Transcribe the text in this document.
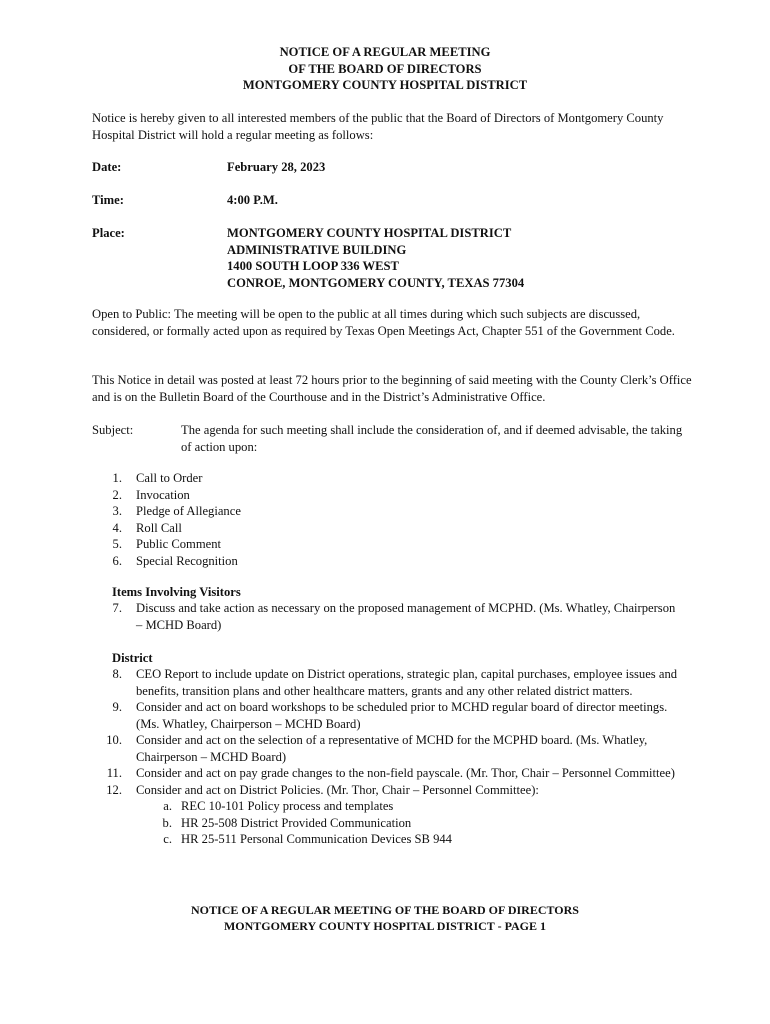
NOTICE OF A REGULAR MEETING
OF THE BOARD OF DIRECTORS
MONTGOMERY COUNTY HOSPITAL DISTRICT
Notice is hereby given to all interested members of the public that the Board of Directors of Montgomery County Hospital District will hold a regular meeting as follows:
Date:	February 28, 2023
Time:	4:00 P.M.
Place:	MONTGOMERY COUNTY HOSPITAL DISTRICT
ADMINISTRATIVE BUILDING
1400 SOUTH LOOP 336 WEST
CONROE, MONTGOMERY COUNTY, TEXAS 77304
Open to Public: The meeting will be open to the public at all times during which such subjects are discussed, considered, or formally acted upon as required by Texas Open Meetings Act, Chapter 551 of the Government Code.
This Notice in detail was posted at least 72 hours prior to the beginning of said meeting with the County Clerk’s Office and is on the Bulletin Board of the Courthouse and in the District’s Administrative Office.
Subject:	The agenda for such meeting shall include the consideration of, and if deemed advisable, the taking of action upon:
1. Call to Order
2. Invocation
3. Pledge of Allegiance
4. Roll Call
5. Public Comment
6. Special Recognition
Items Involving Visitors
7. Discuss and take action as necessary on the proposed management of MCPHD. (Ms. Whatley, Chairperson – MCHD Board)
District
8. CEO Report to include update on District operations, strategic plan, capital purchases, employee issues and benefits, transition plans and other healthcare matters, grants and any other related district matters.
9. Consider and act on board workshops to be scheduled prior to MCHD regular board of director meetings. (Ms. Whatley, Chairperson – MCHD Board)
10. Consider and act on the selection of a representative of MCHD for the MCPHD board. (Ms. Whatley, Chairperson – MCHD Board)
11. Consider and act on pay grade changes to the non-field payscale. (Mr. Thor, Chair – Personnel Committee)
12. Consider and act on District Policies. (Mr. Thor, Chair – Personnel Committee):
a. REC 10-101 Policy process and templates
b. HR 25-508 District Provided Communication
c. HR 25-511 Personal Communication Devices SB 944
NOTICE OF A REGULAR MEETING OF THE BOARD OF DIRECTORS
MONTGOMERY COUNTY HOSPITAL DISTRICT - PAGE 1
